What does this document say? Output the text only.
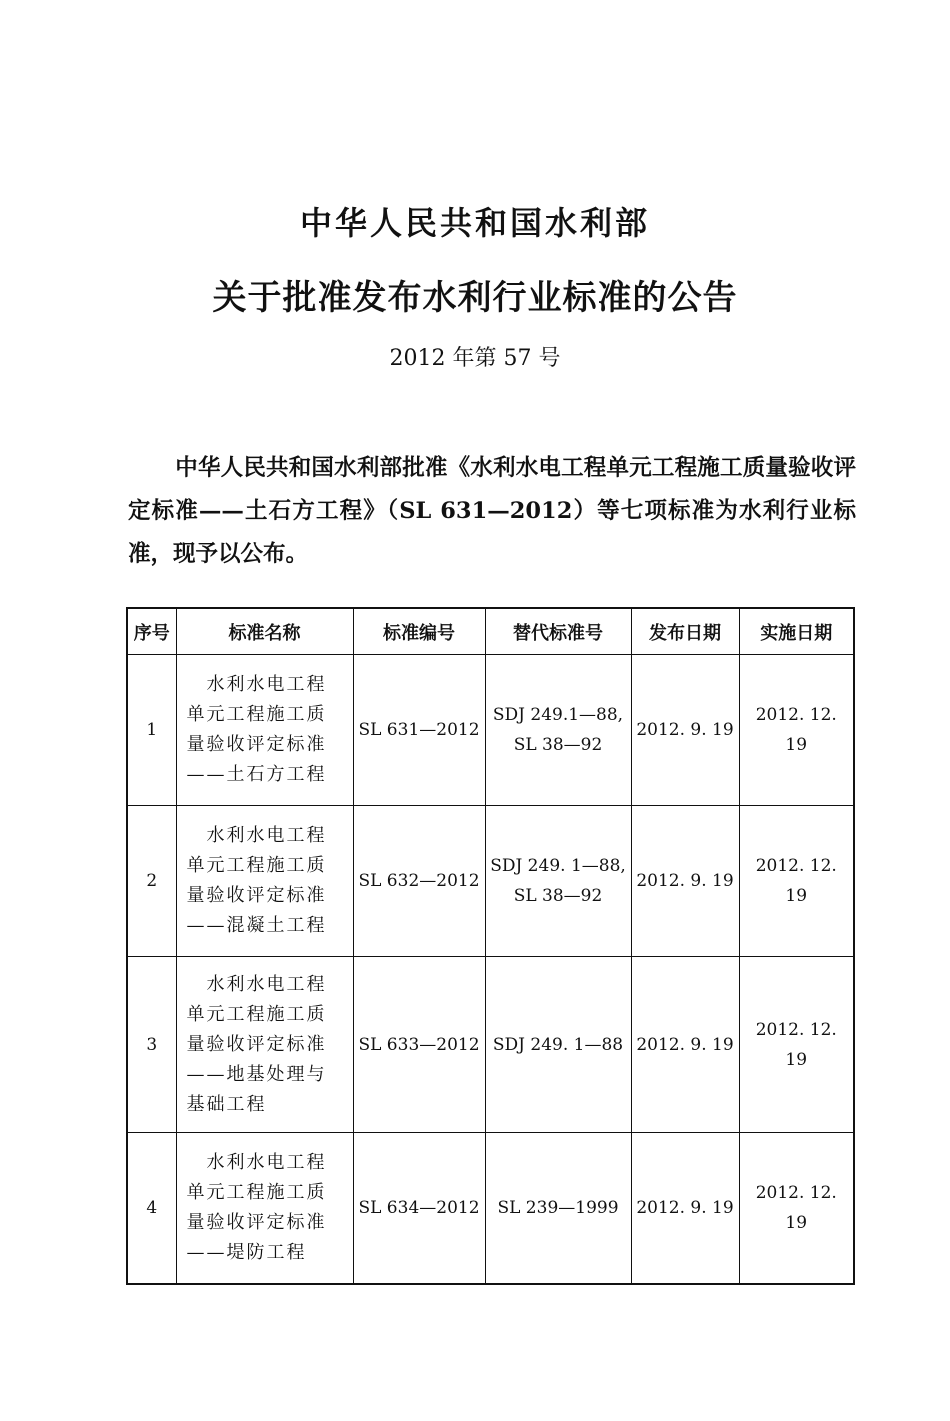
中华人民共和国水利部
关于批准发布水利行业标准的公告
2012 年第 57 号

中华人民共和国水利部批准《水利水电工程单元工程施工质量验收评定标准——土石方工程》（SL 631—2012）等七项标准为水利行业标准，现予以公布。

序号	标准名称	标准编号	替代标准号	发布日期	实施日期
1	水利水电工程
单元工程施工质
量验收评定标准
——土石方工程	SL 631—2012	SDJ 249.1—88,
SL 38—92	2012. 9. 19	2012. 12. 19
2	水利水电工程
单元工程施工质
量验收评定标准
——混凝土工程	SL 632—2012	SDJ 249. 1—88,
SL 38—92	2012. 9. 19	2012. 12. 19
3	水利水电工程
单元工程施工质
量验收评定标准
——地基处理与
基础工程	SL 633—2012	SDJ 249. 1—88	2012. 9. 19	2012. 12. 19
4	水利水电工程
单元工程施工质
量验收评定标准
——堤防工程	SL 634—2012	SL 239—1999	2012. 9. 19	2012. 12. 19
